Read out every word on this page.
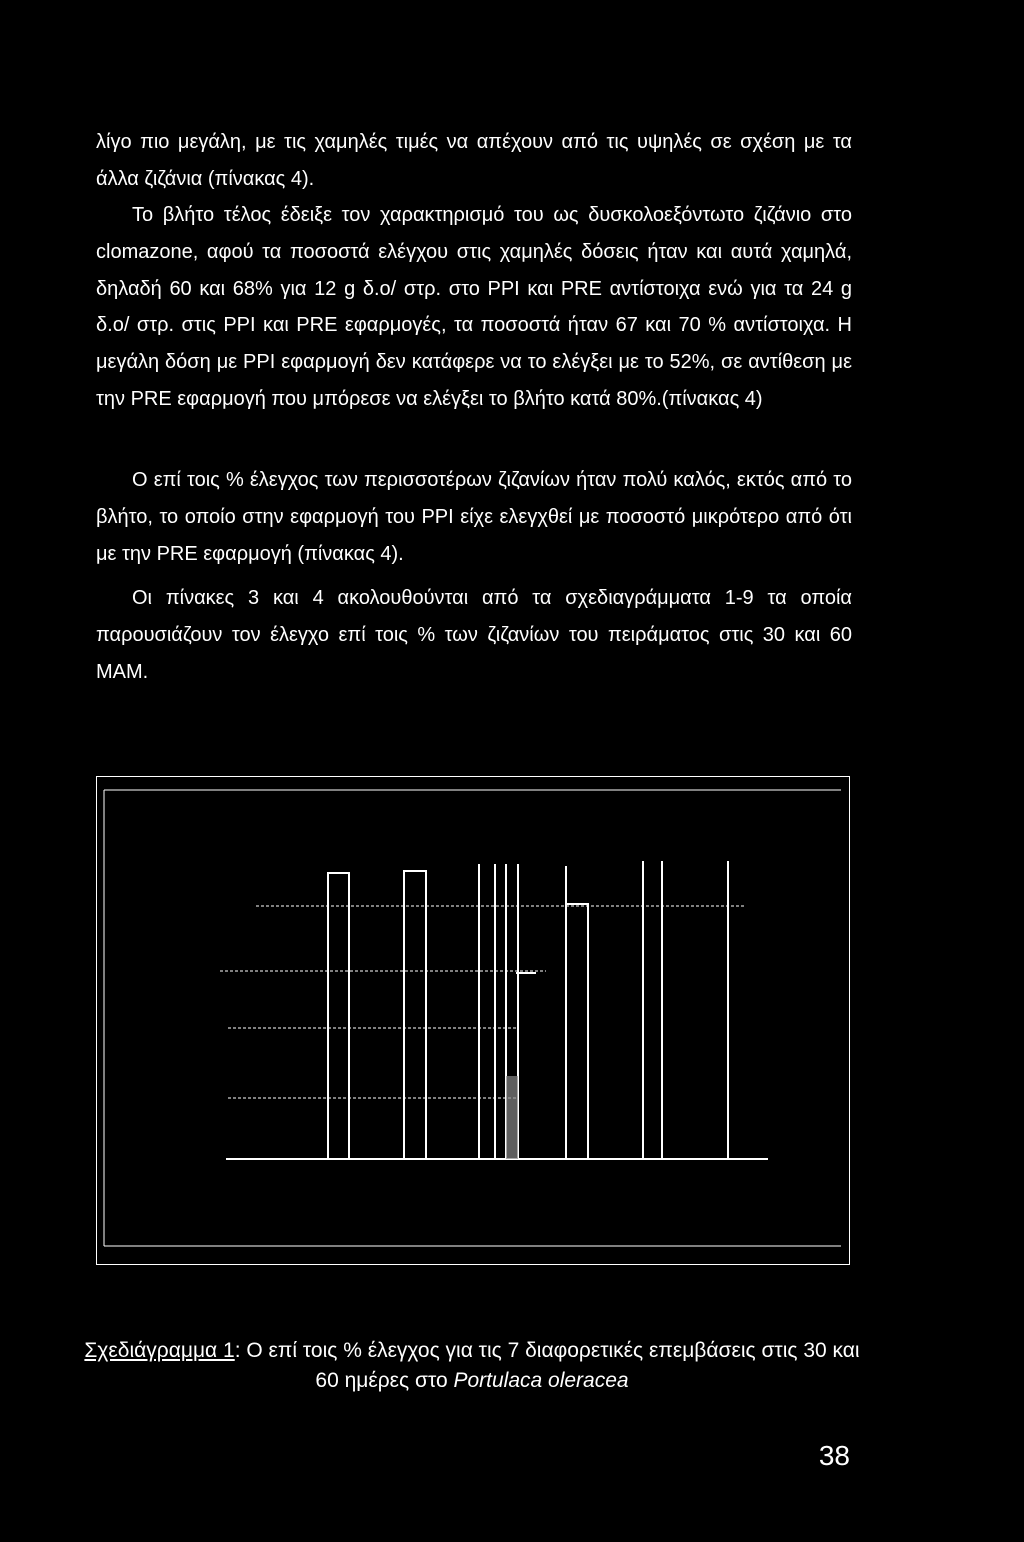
λίγο πιο μεγάλη, με τις χαμηλές τιμές να απέχουν από τις υψηλές σε σχέση με τα άλλα ζιζάνια (πίνακας 4).

Το βλήτο τέλος έδειξε τον χαρακτηρισμό του ως δυσκολοεξόντωτο ζιζάνιο στο clomazone, αφού τα ποσοστά ελέγχου στις χαμηλές δόσεις ήταν και αυτά χαμηλά, δηλαδή 60 και 68% για 12 g δ.ο/ στρ. στο PPI και PRE αντίστοιχα ενώ για τα 24 g δ.ο/ στρ. στις PPI και PRE εφαρμογές, τα ποσοστά ήταν 67 και 70 % αντίστοιχα. Η μεγάλη δόση με PPI εφαρμογή δεν κατάφερε να το ελέγξει με το 52%, σε αντίθεση με την PRE εφαρμογή που μπόρεσε να ελέγξει το βλήτο κατά 80%.(πίνακας 4)

Ο επί τοις % έλεγχος των περισσοτέρων ζιζανίων ήταν πολύ καλός, εκτός από το βλήτο, το οποίο στην εφαρμογή του PPI είχε ελεγχθεί με ποσοστό μικρότερο από ότι με την PRE εφαρμογή (πίνακας 4).

Οι πίνακες 3 και 4 ακολουθούνται από τα σχεδιαγράμματα 1-9 τα οποία παρουσιάζουν τον έλεγχο επί τοις % των ζιζανίων του πειράματος στις 30 και 60 MAM.

Σχεδιάγραμμα 1: Ο επί τοις % έλεγχος για τις 7 διαφορετικές επεμβάσεις στις 30 και 60 ημέρες στο Portulaca oleracea

38
